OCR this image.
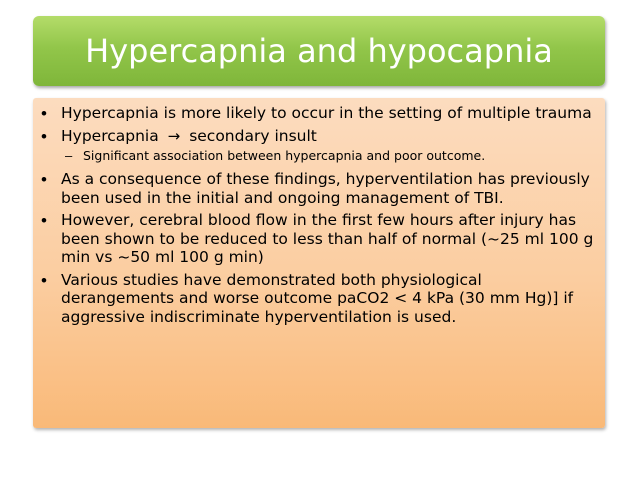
Hypercapnia and hypocapnia
• Hypercapnia is more likely to occur in the setting of multiple trauma
• Hypercapnia → secondary insult
– Significant association between hypercapnia and poor outcome.
• As a consequence of these findings, hyperventilation has previously been used in the initial and ongoing management of TBI.
• However, cerebral blood flow in the first few hours after injury has been shown to be reduced to less than half of normal (~25 ml 100 g min vs ~50 ml 100 g min)
• Various studies have demonstrated both physiological derangements and worse outcome paCO2 < 4 kPa (30 mm Hg)] if aggressive indiscriminate hyperventilation is used.
